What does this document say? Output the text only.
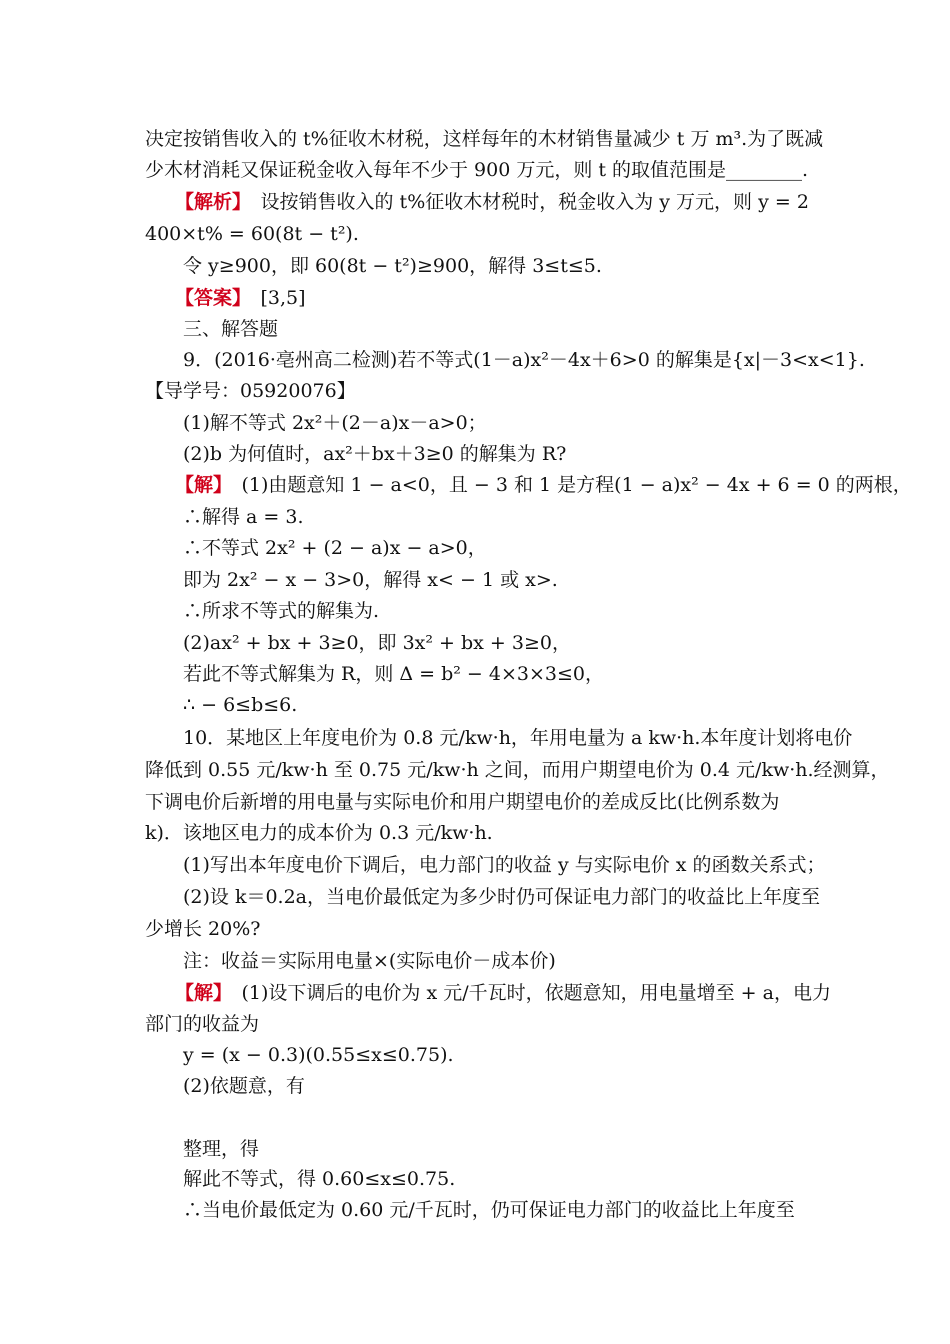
决定按销售收入的 t%征收木材税，这样每年的木材销售量减少 t 万 m³.为了既减
少木材消耗又保证税金收入每年不少于 900 万元，则 t 的取值范围是________.
【解析】　设按销售收入的 t%征收木材税时，税金收入为 y 万元，则 y = 2
400×t% = 60(8t − t²).
令 y≥900，即 60(8t − t²)≥900，解得 3≤t≤5.
【答案】　[3,5]
三、解答题
9．(2016·亳州高二检测)若不等式(1－a)x²－4x＋6>0 的解集是{x|－3<x<1}.
【导学号：05920076】
(1)解不等式 2x²＋(2－a)x－a>0；
(2)b 为何值时，ax²＋bx＋3≥0 的解集为 R?
【解】　(1)由题意知 1 − a<0，且 − 3 和 1 是方程(1 − a)x² − 4x + 6 = 0 的两根，
∴解得 a = 3.
∴不等式 2x² + (2 − a)x − a>0，
即为 2x² − x − 3>0，解得 x< − 1 或 x>.
∴所求不等式的解集为.
(2)ax² + bx + 3≥0，即 3x² + bx + 3≥0，
若此不等式解集为 R，则 Δ = b² − 4×3×3≤0，
∴ − 6≤b≤6.
10．某地区上年度电价为 0.8 元/kw·h，年用电量为 a kw·h.本年度计划将电价
降低到 0.55 元/kw·h 至 0.75 元/kw·h 之间，而用户期望电价为 0.4 元/kw·h.经测算，
下调电价后新增的用电量与实际电价和用户期望电价的差成反比(比例系数为
k)．该地区电力的成本价为 0.3 元/kw·h.
(1)写出本年度电价下调后，电力部门的收益 y 与实际电价 x 的函数关系式；
(2)设 k＝0.2a，当电价最低定为多少时仍可保证电力部门的收益比上年度至
少增长 20%?
注：收益＝实际用电量×(实际电价－成本价)
【解】　(1)设下调后的电价为 x 元/千瓦时，依题意知，用电量增至 + a，电力
部门的收益为
y = (x − 0.3)(0.55≤x≤0.75).
(2)依题意，有
整理，得
解此不等式，得 0.60≤x≤0.75.
∴当电价最低定为 0.60 元/千瓦时，仍可保证电力部门的收益比上年度至
